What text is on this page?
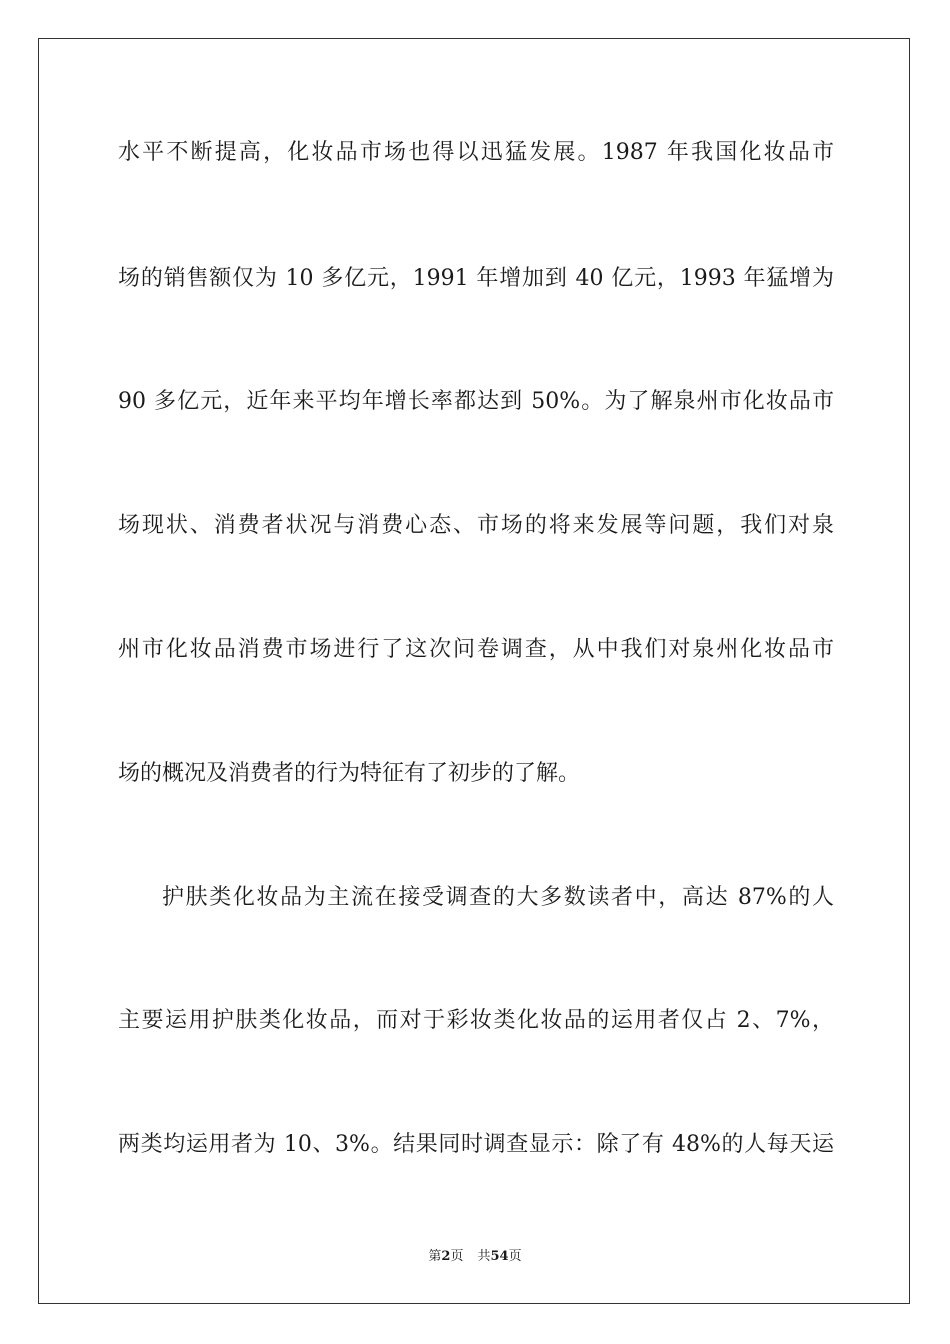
水平不断提高，化妆品市场也得以迅猛发展。1987 年我国化妆品市
场的销售额仅为 10 多亿元，1991 年增加到 40 亿元，1993 年猛增为
90 多亿元，近年来平均年增长率都达到 50%。为了解泉州市化妆品市
场现状、消费者状况与消费心态、市场的将来发展等问题，我们对泉
州市化妆品消费市场进行了这次问卷调查，从中我们对泉州化妆品市
场的概况及消费者的行为特征有了初步的了解。
护肤类化妆品为主流在接受调查的大多数读者中，高达 87%的人
主要运用护肤类化妆品，而对于彩妆类化妆品的运用者仅占 2、7%，
两类均运用者为 10、3%。结果同时调查显示：除了有 48%的人每天运
第2页 共54页
